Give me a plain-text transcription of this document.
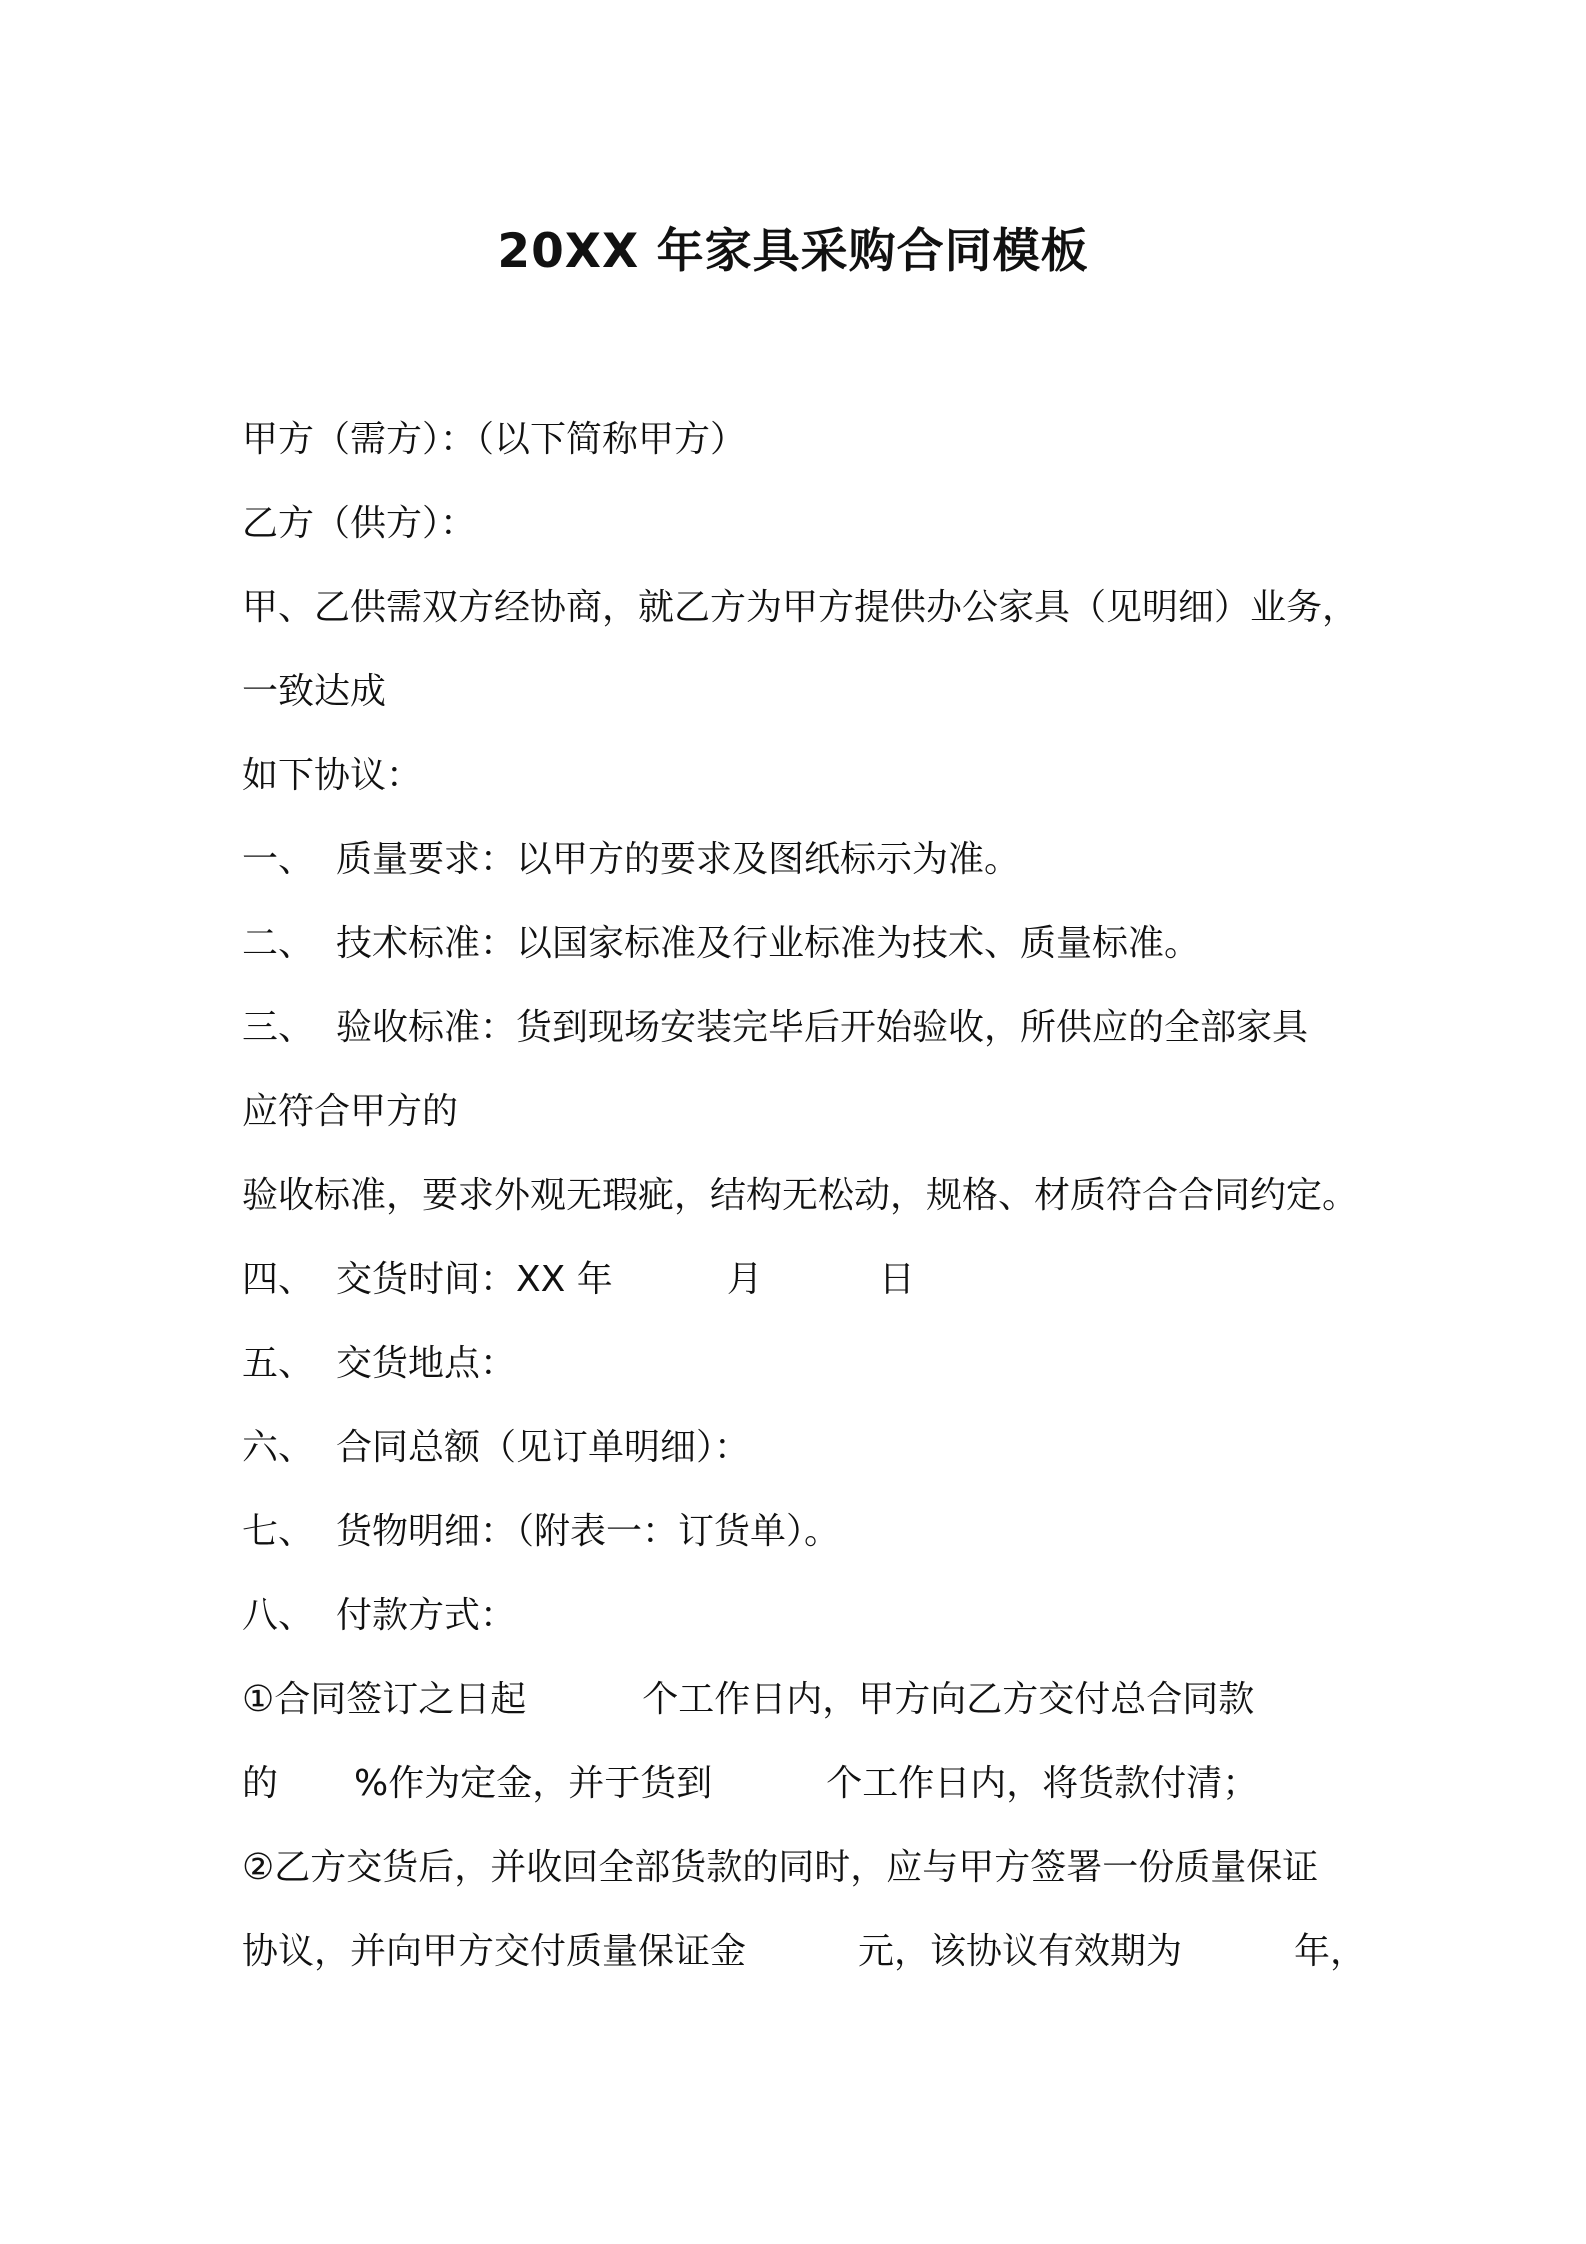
20XX 年家具采购合同模板
甲方（需方）：（以下简称甲方）
乙方（供方）：
甲、乙供需双方经协商，就乙方为甲方提供办公家具（见明细）业务，
一致达成
如下协议：
一、 质量要求：以甲方的要求及图纸标示为准。
二、 技术标准：以国家标准及行业标准为技术、质量标准。
三、 验收标准：货到现场安装完毕后开始验收，所供应的全部家具
应符合甲方的
验收标准，要求外观无瑕疵，结构无松动，规格、材质符合合同约定。
四、 交货时间：XX 年	月	日
五、 交货地点：
六、 合同总额（见订单明细）：
七、 货物明细：（附表一：订货单）。
八、 付款方式：
①合同签订之日起	个工作日内，甲方向乙方交付总合同款
的 %作为定金，并于货到	个工作日内，将货款付清；
②乙方交货后，并收回全部货款的同时，应与甲方签署一份质量保证
协议，并向甲方交付质量保证金	元，该协议有效期为	年，
